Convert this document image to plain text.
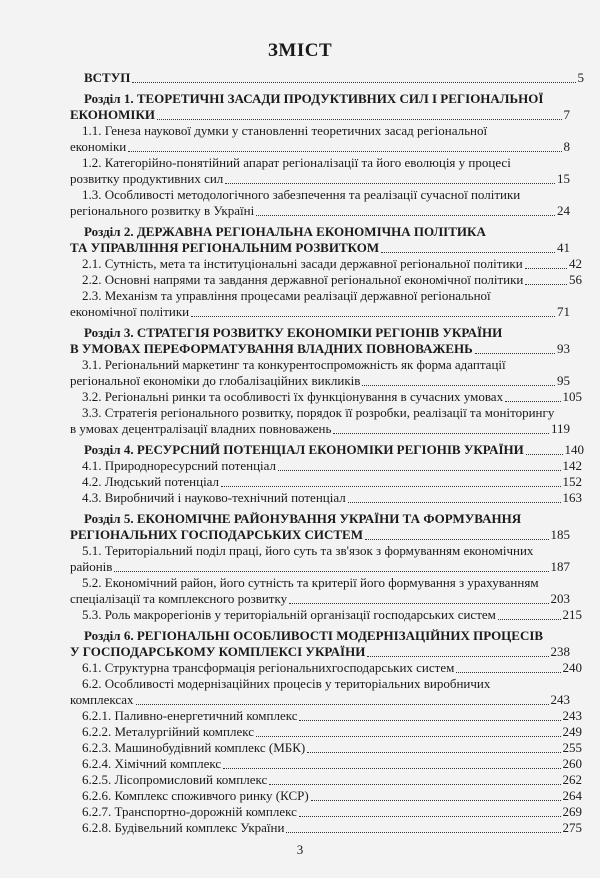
ЗМІСТ
ВСТУП	5
Розділ 1. ТЕОРЕТИЧНІ ЗАСАДИ ПРОДУКТИВНИХ СИЛ І РЕГІОНАЛЬНОЇ
ЕКОНОМІКИ	7
1.1. Генеза наукової думки у становленні теоретичних засад регіональної
економіки	8
1.2. Категорійно-понятійний апарат регіоналізації та його еволюція у процесі
розвитку продуктивних сил	15
1.3. Особливості методологічного забезпечення та реалізації сучасної політики
регіонального розвитку в Україні	24
Розділ 2. ДЕРЖАВНА РЕГІОНАЛЬНА ЕКОНОМІЧНА ПОЛІТИКА
ТА УПРАВЛІННЯ РЕГІОНАЛЬНИМ РОЗВИТКОМ	41
2.1. Сутність, мета та інституціональні засади державної регіональної політики	42
2.2. Основні напрями та завдання державної регіональної економічної політики	56
2.3. Механізм та управління процесами реалізації державної регіональної
економічної політики	71
Розділ 3. СТРАТЕГІЯ РОЗВИТКУ ЕКОНОМІКИ РЕГІОНІВ УКРАЇНИ
В УМОВАХ ПЕРЕФОРМАТУВАННЯ ВЛАДНИХ ПОВНОВАЖЕНЬ	93
3.1. Регіональний маркетинг та конкурентоспроможність як форма адаптації
регіональної економіки до глобалізаційних викликів	95
3.2. Регіональні ринки та особливості їх функціонування в сучасних умовах	105
3.3. Стратегія регіонального розвитку, порядок її розробки, реалізації та моніторингу
в умовах децентралізації владних повноважень	119
Розділ 4. РЕСУРСНИЙ ПОТЕНЦІАЛ ЕКОНОМІКИ РЕГІОНІВ УКРАЇНИ	140
4.1. Природноресурсний потенціал	142
4.2. Людський потенціал	152
4.3. Виробничий і науково-технічний потенціал	163
Розділ 5. ЕКОНОМІЧНЕ РАЙОНУВАННЯ УКРАЇНИ ТА ФОРМУВАННЯ
РЕГІОНАЛЬНИХ ГОСПОДАРСЬКИХ СИСТЕМ	185
5.1. Територіальний поділ праці, його суть та зв'язок з формуванням економічних
районів	187
5.2. Економічний район, його сутність та критерії його формування з урахуванням
спеціалізації та комплексного розвитку	203
5.3. Роль макрорегіонів у територіальній організації господарських систем	215
Розділ 6. РЕГІОНАЛЬНІ ОСОБЛИВОСТІ МОДЕРНІЗАЦІЙНИХ ПРОЦЕСІВ
У ГОСПОДАРСЬКОМУ КОМПЛЕКСІ УКРАЇНИ	238
6.1. Структурна трансформація регіональнихгосподарських систем	240
6.2. Особливості модернізаційних процесів у територіальних виробничих
комплексах	243
6.2.1. Паливно-енергетичний комплекс	243
6.2.2. Металургійний комплекс	249
6.2.3. Машинобудівний комплекс (МБК)	255
6.2.4. Хімічний комплекс	260
6.2.5. Лісопромисловий комплекс	262
6.2.6. Комплекс споживчого ринку (КСР)	264
6.2.7. Транспортно-дорожній комплекс	269
6.2.8. Будівельний комплекс України	275
3
